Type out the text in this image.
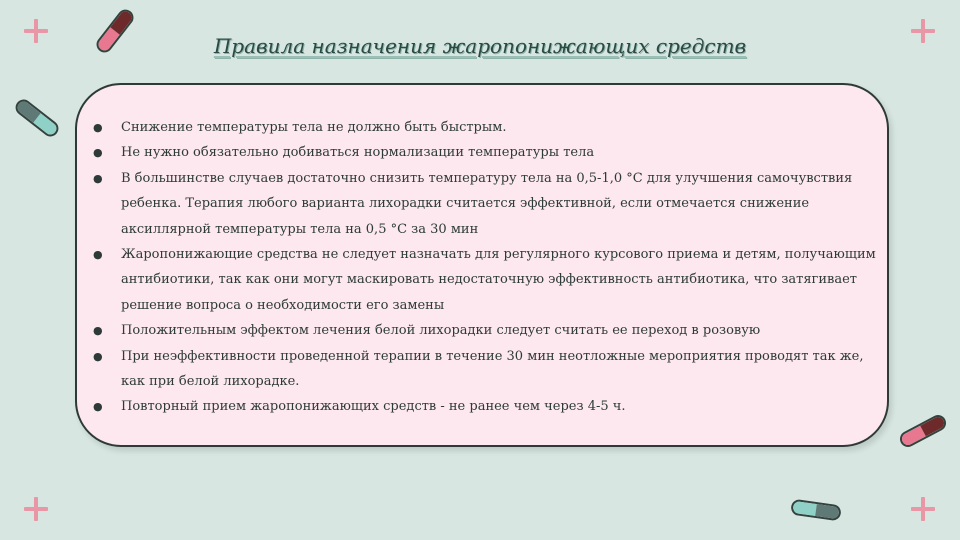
Правила назначения жаропонижающих средств
● Снижение температуры тела не должно быть быстрым.
● Не нужно обязательно добиваться нормализации температуры тела
● В большинстве случаев достаточно снизить температуру тела на 0,5-1,0 °С для улучшения самочувствия ребенка. Терапия любого варианта лихорадки считается эффективной, если отмечается снижение аксиллярной температуры тела на 0,5 °С за 30 мин
● Жаропонижающие средства не следует назначать для регулярного курсового приема и детям, получающим антибиотики, так как они могут маскировать недостаточную эффективность антибиотика, что затягивает решение вопроса о необходимости его замены
● Положительным эффектом лечения белой лихорадки следует считать ее переход в розовую
● При неэффективности проведенной терапии в течение 30 мин неотложные мероприятия проводят так же, как при белой лихорадке.
● Повторный прием жаропонижающих средств - не ранее чем через 4-5 ч.
